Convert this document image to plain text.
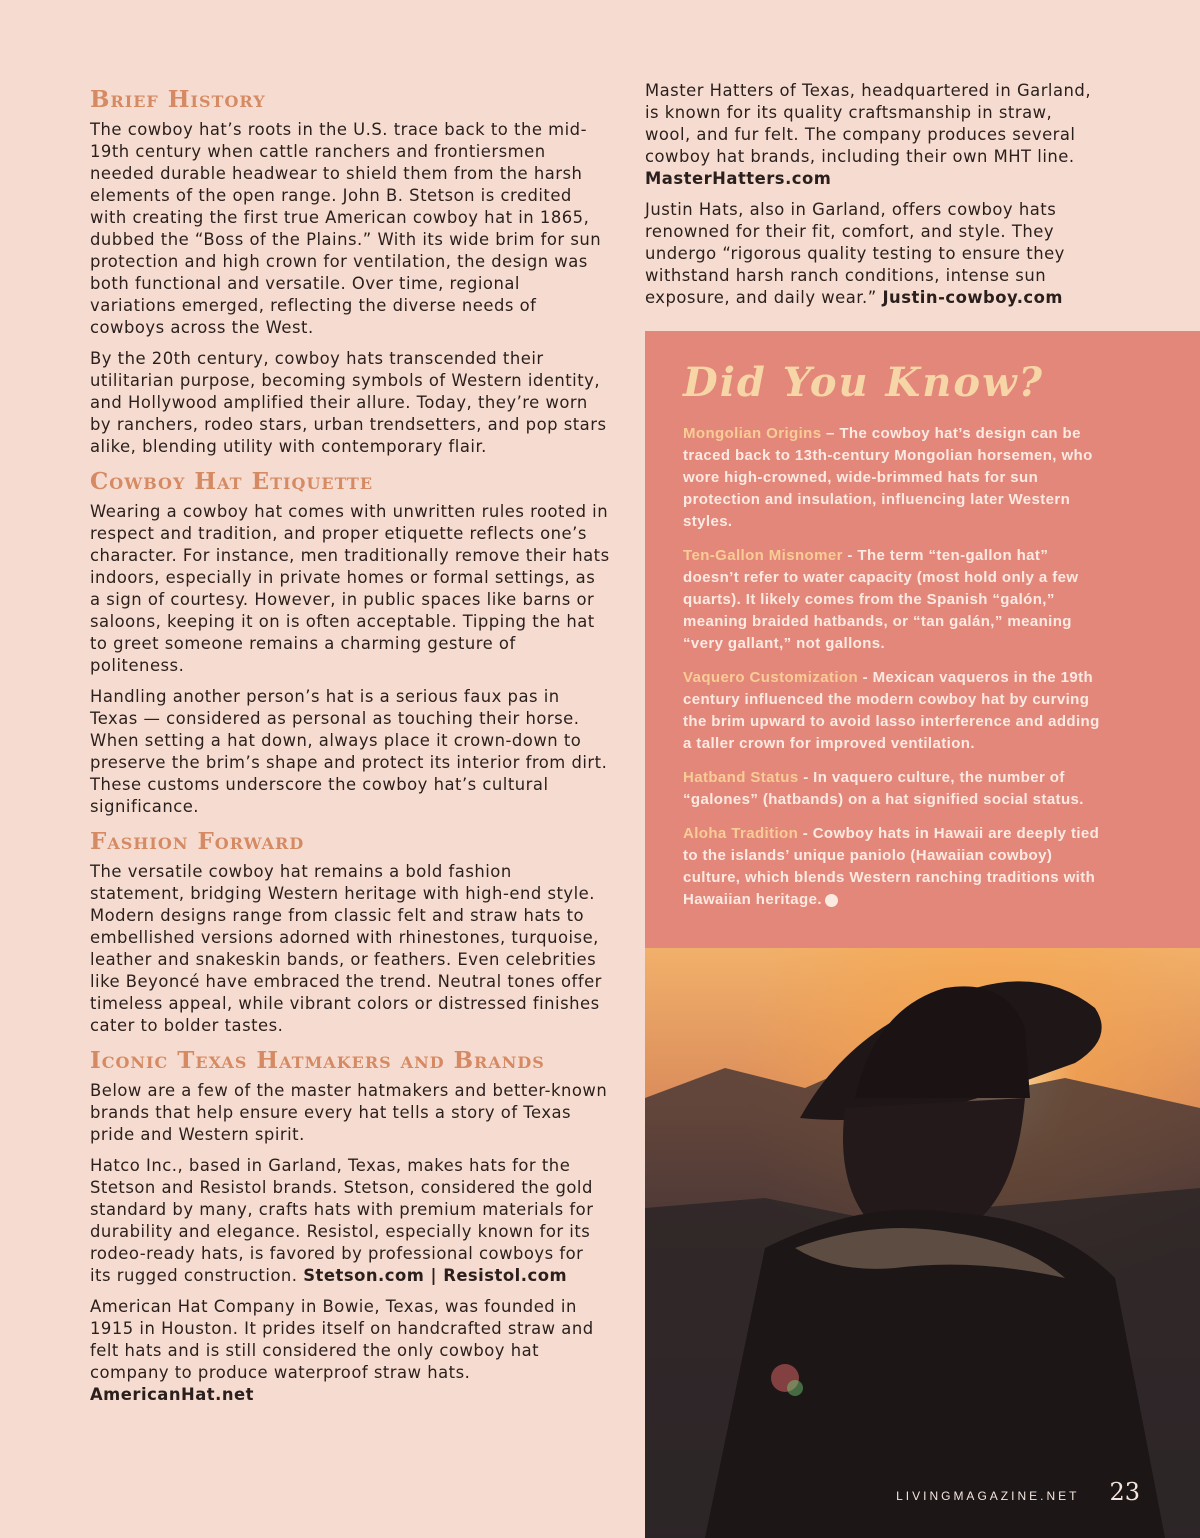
Brief History

The cowboy hat’s roots in the U.S. trace back to the mid-19th century when cattle ranchers and frontiersmen needed durable headwear to shield them from the harsh elements of the open range. John B. Stetson is credited with creating the first true American cowboy hat in 1865, dubbed the “Boss of the Plains.” With its wide brim for sun protection and high crown for ventilation, the design was both functional and versatile. Over time, regional variations emerged, reflecting the diverse needs of cowboys across the West.

By the 20th century, cowboy hats transcended their utilitarian purpose, becoming symbols of Western identity, and Hollywood amplified their allure. Today, they’re worn by ranchers, rodeo stars, urban trendsetters, and pop stars alike, blending utility with contemporary flair.

Cowboy Hat Etiquette

Wearing a cowboy hat comes with unwritten rules rooted in respect and tradition, and proper etiquette reflects one’s character. For instance, men traditionally remove their hats indoors, especially in private homes or formal settings, as a sign of courtesy. However, in public spaces like barns or saloons, keeping it on is often acceptable. Tipping the hat to greet someone remains a charming gesture of politeness.

Handling another person’s hat is a serious faux pas in Texas — considered as personal as touching their horse. When setting a hat down, always place it crown-down to preserve the brim’s shape and protect its interior from dirt. These customs underscore the cowboy hat’s cultural significance.

Fashion Forward

The versatile cowboy hat remains a bold fashion statement, bridging Western heritage with high-end style. Modern designs range from classic felt and straw hats to embellished versions adorned with rhinestones, turquoise, leather and snakeskin bands, or feathers. Even celebrities like Beyoncé have embraced the trend. Neutral tones offer timeless appeal, while vibrant colors or distressed finishes cater to bolder tastes.

Iconic Texas Hatmakers and Brands

Below are a few of the master hatmakers and better-known brands that help ensure every hat tells a story of Texas pride and Western spirit.

Hatco Inc., based in Garland, Texas, makes hats for the Stetson and Resistol brands. Stetson, considered the gold standard by many, crafts hats with premium materials for durability and elegance. Resistol, especially known for its rodeo-ready hats, is favored by professional cowboys for its rugged construction. Stetson.com | Resistol.com

American Hat Company in Bowie, Texas, was founded in 1915 in Houston. It prides itself on handcrafted straw and felt hats and is still considered the only cowboy hat company to produce waterproof straw hats.
AmericanHat.net

Master Hatters of Texas, headquartered in Garland, is known for its quality craftsmanship in straw, wool, and fur felt. The company produces several cowboy hat brands, including their own MHT line.
MasterHatters.com

Justin Hats, also in Garland, offers cowboy hats renowned for their fit, comfort, and style. They undergo “rigorous quality testing to ensure they withstand harsh ranch conditions, intense sun exposure, and daily wear.” Justin-cowboy.com

Did You Know?

Mongolian Origins – The cowboy hat’s design can be traced back to 13th-century Mongolian horsemen, who wore high-crowned, wide-brimmed hats for sun protection and insulation, influencing later Western styles.

Ten-Gallon Misnomer - The term “ten-gallon hat” doesn’t refer to water capacity (most hold only a few quarts). It likely comes from the Spanish “galón,” meaning braided hatbands, or “tan galán,” meaning “very gallant,” not gallons.

Vaquero Customization - Mexican vaqueros in the 19th century influenced the modern cowboy hat by curving the brim upward to avoid lasso interference and adding a taller crown for improved ventilation.

Hatband Status - In vaquero culture, the number of “galones” (hatbands) on a hat signified social status.

Aloha Tradition - Cowboy hats in Hawaii are deeply tied to the islands’ unique paniolo (Hawaiian cowboy) culture, which blends Western ranching traditions with Hawaiian heritage.

LIVINGMAGAZINE.NET 23
